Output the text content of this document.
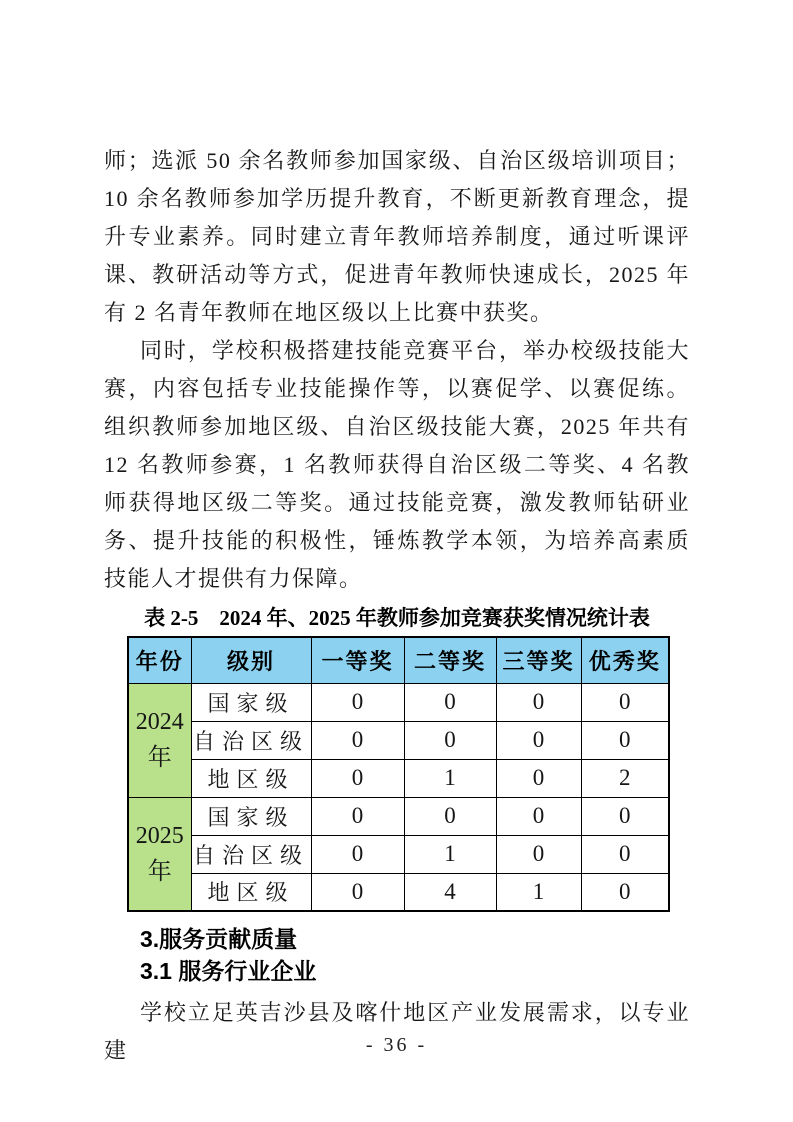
师；选派 50 余名教师参加国家级、自治区级培训项目；10 余名教师参加学历提升教育，不断更新教育理念，提升专业素养。同时建立青年教师培养制度，通过听课评课、教研活动等方式，促进青年教师快速成长，2025 年有 2 名青年教师在地区级以上比赛中获奖。

同时，学校积极搭建技能竞赛平台，举办校级技能大赛，内容包括专业技能操作等，以赛促学、以赛促练。组织教师参加地区级、自治区级技能大赛，2025 年共有 12 名教师参赛，1 名教师获得自治区级二等奖、4 名教师获得地区级二等奖。通过技能竞赛，激发教师钻研业务、提升技能的积极性，锤炼教学本领，为培养高素质技能人才提供有力保障。

表 2-5　2024 年、2025 年教师参加竞赛获奖情况统计表
年份	级别	一等奖	二等奖	三等奖	优秀奖

2024
年	国家级	0	0	0	0
	自治区级	0	0	0	0
	地区级	0	1	0	2

2025
年	国家级	0	0	0	0
	自治区级	0	1	0	0
	地区级	0	4	1	0
3.服务贡献质量
3.1 服务行业企业

学校立足英吉沙县及喀什地区产业发展需求，以专业建	- 36 -
